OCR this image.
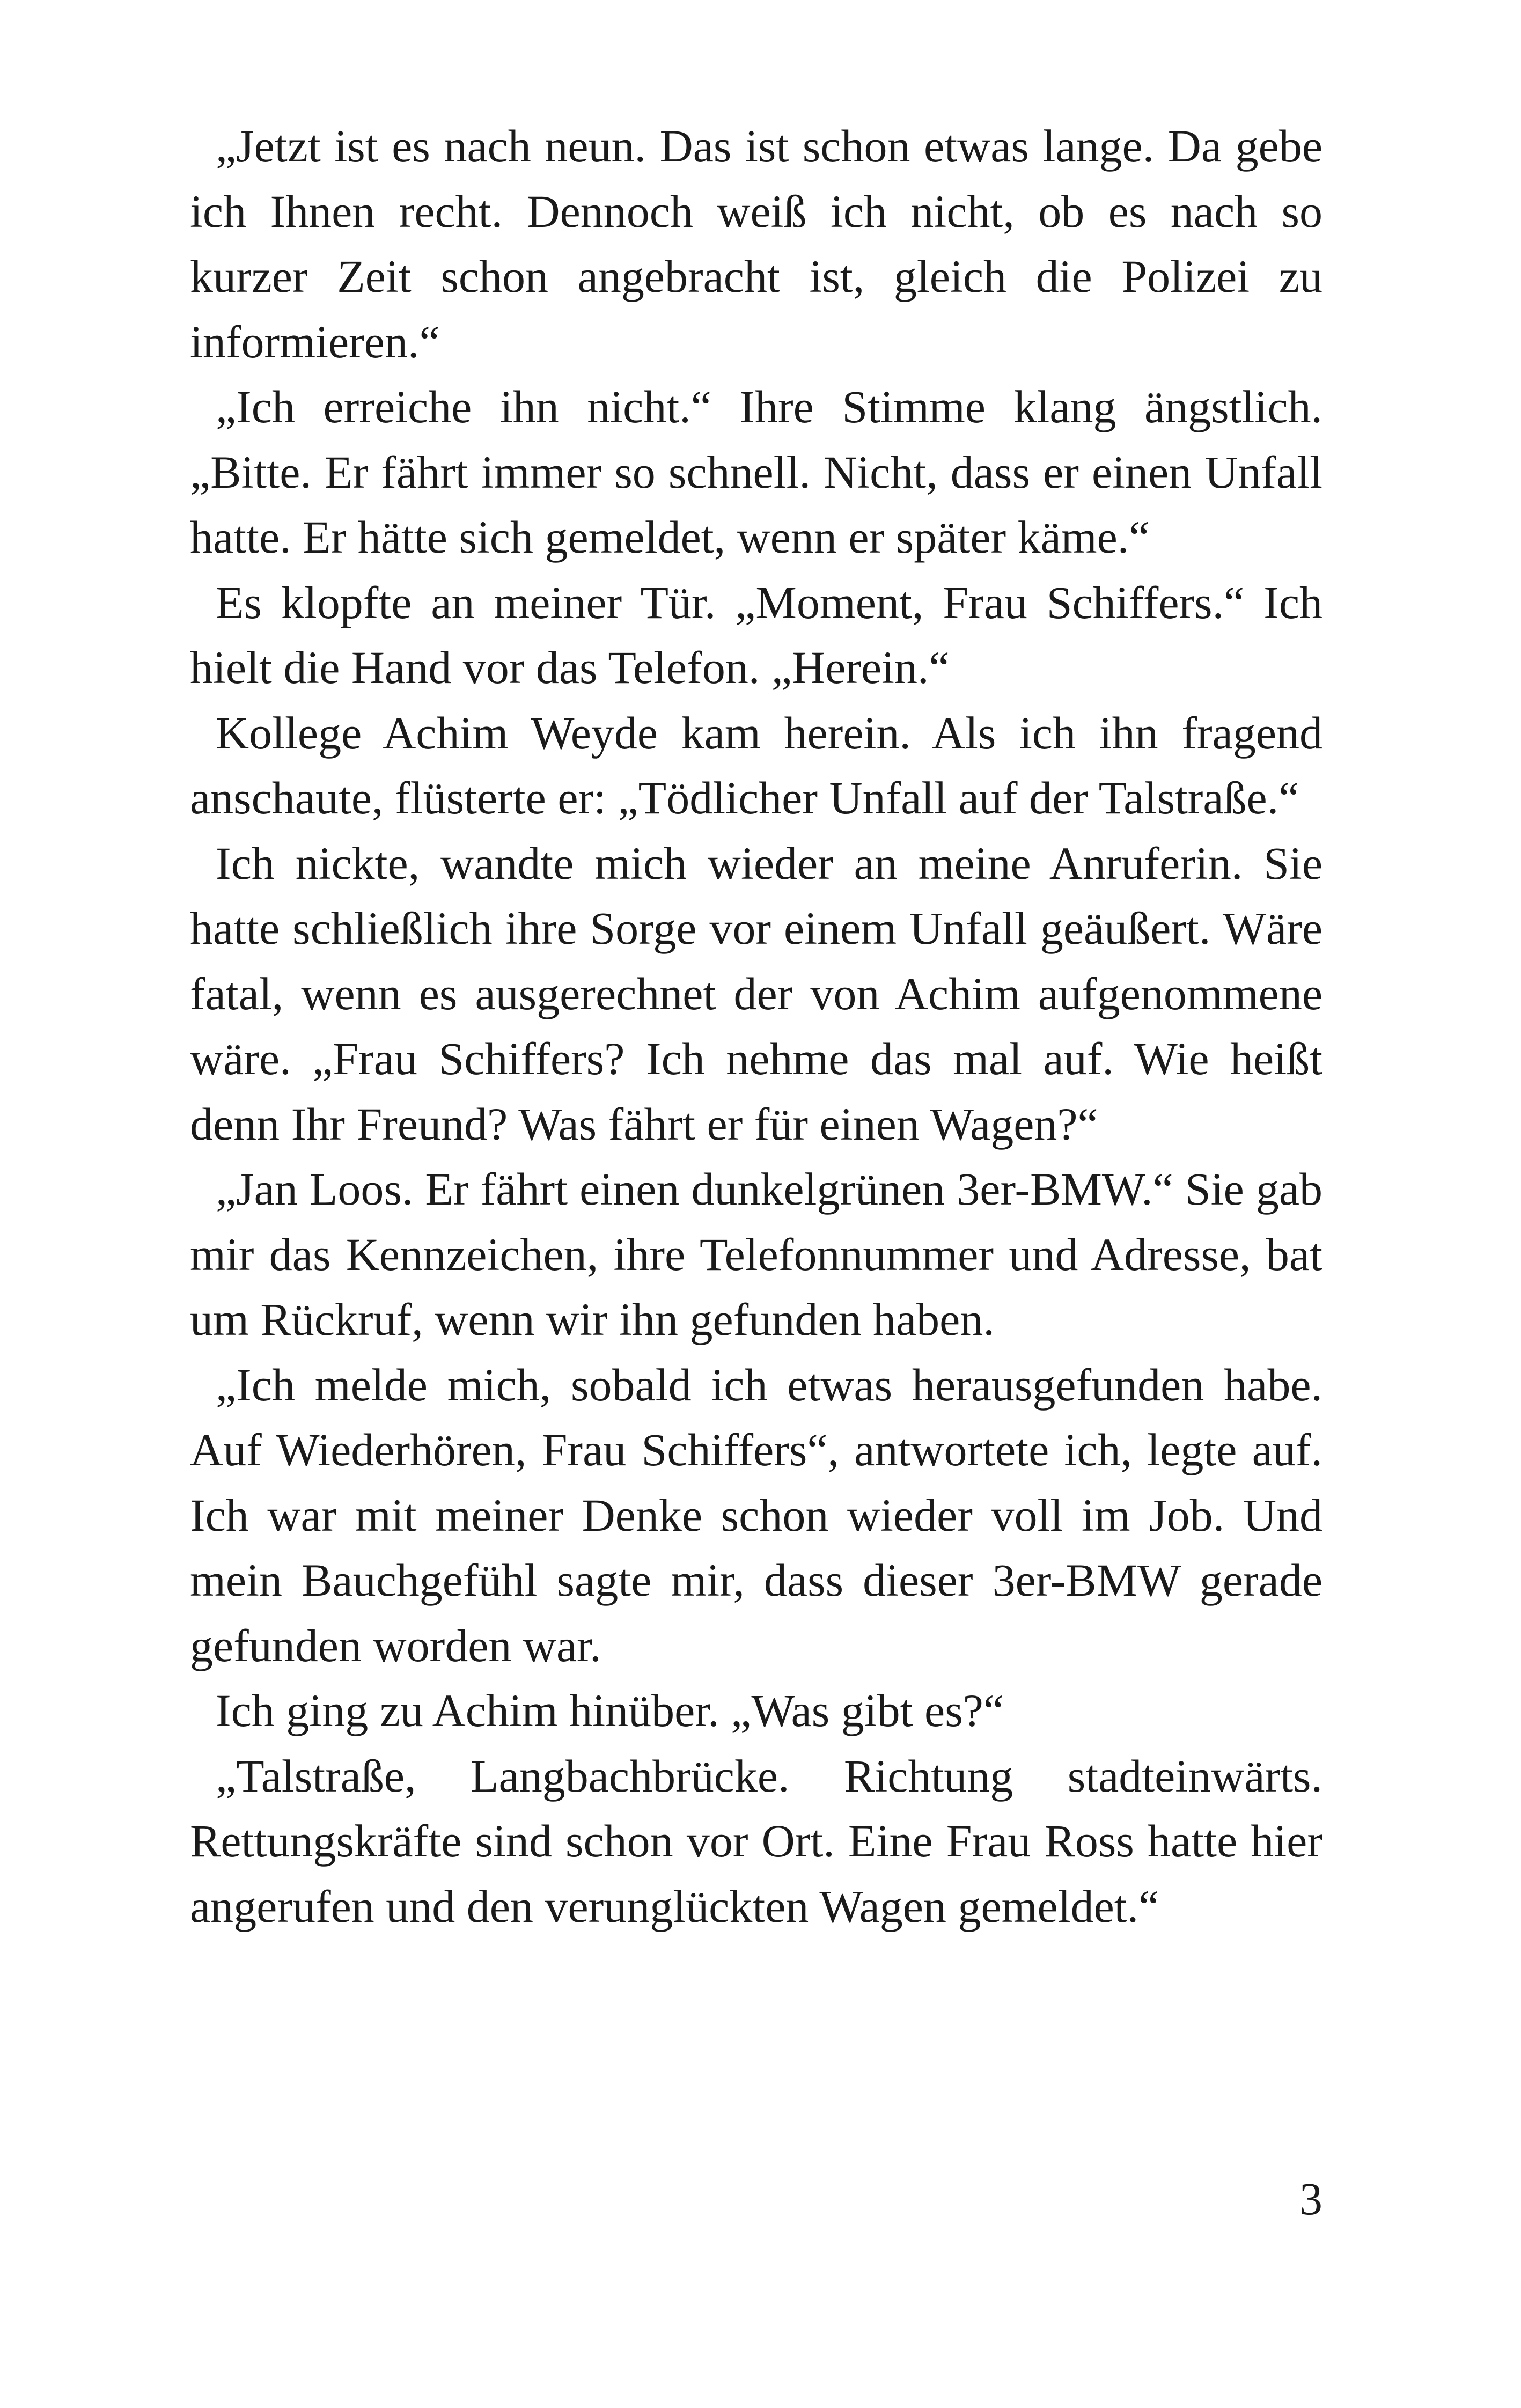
„Jetzt ist es nach neun. Das ist schon etwas lange. Da gebe ich Ihnen recht. Dennoch weiß ich nicht, ob es nach so kurzer Zeit schon angebracht ist, gleich die Polizei zu informieren.“

„Ich erreiche ihn nicht.“ Ihre Stimme klang ängstlich. „Bitte. Er fährt immer so schnell. Nicht, dass er einen Unfall hatte. Er hätte sich gemeldet, wenn er später käme.“

Es klopfte an meiner Tür. „Moment, Frau Schiffers.“ Ich hielt die Hand vor das Telefon. „Herein.“

Kollege Achim Weyde kam herein. Als ich ihn fragend anschaute, flüsterte er: „Tödlicher Unfall auf der Talstraße.“

Ich nickte, wandte mich wieder an meine Anruferin. Sie hatte schließlich ihre Sorge vor einem Unfall geäußert. Wäre fatal, wenn es ausgerechnet der von Achim aufgenommene wäre. „Frau Schiffers? Ich nehme das mal auf. Wie heißt denn Ihr Freund? Was fährt er für einen Wagen?“

„Jan Loos. Er fährt einen dunkelgrünen 3er-BMW.“ Sie gab mir das Kennzeichen, ihre Telefonnummer und Adresse, bat um Rückruf, wenn wir ihn gefunden haben.

„Ich melde mich, sobald ich etwas herausgefunden habe. Auf Wiederhören, Frau Schiffers“, antwortete ich, legte auf. Ich war mit meiner Denke schon wieder voll im Job. Und mein Bauchgefühl sagte mir, dass dieser 3er-BMW gerade gefunden worden war.

Ich ging zu Achim hinüber. „Was gibt es?“

„Talstraße, Langbachbrücke. Richtung stadteinwärts. Rettungskräfte sind schon vor Ort. Eine Frau Ross hatte hier angerufen und den verunglückten Wagen gemeldet.“

3
